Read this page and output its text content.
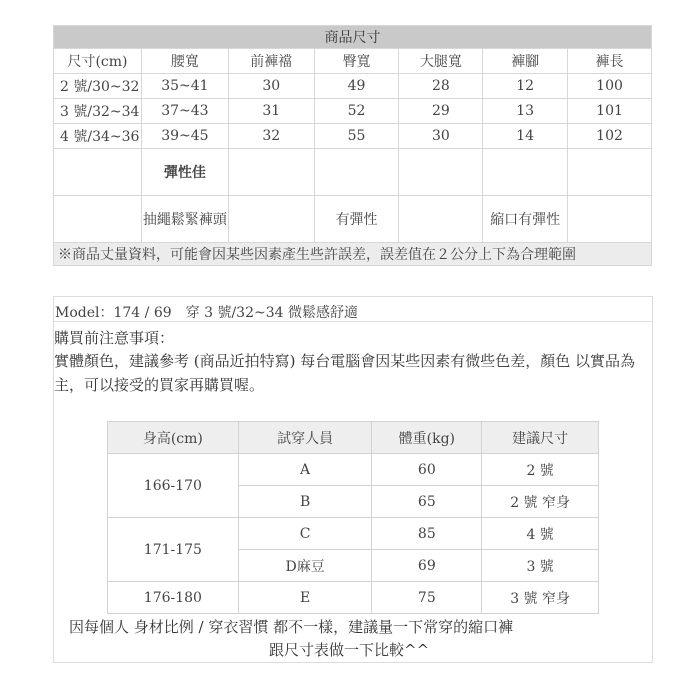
商品尺寸						
尺寸(cm)	腰寬	前褲襠	臀寬	大腿寬	褲腳	褲長
2 號/30~32	35~41	30	49	28	12	100
3 號/32~34	37~43	31	52	29	13	101
4 號/34~36	39~45	32	55	30	14	102
	彈性佳					
	抽繩鬆緊褲頭		有彈性		縮口有彈性	
※商品丈量資料，可能會因某些因素產生些許誤差，誤差值在２公分上下為合理範圍						
Model：174 / 69　穿 3 號/32~34 微鬆感舒適
購買前注意事項：
實體顏色，建議參考 (商品近拍特寫) 每台電腦會因某些因素有微些色差，顏色 以實品為主，可以接受的買家再購買喔。
身高(cm)	試穿人員	體重(kg)	建議尺寸
166-170	A	60	2 號
	B	65	2 號 窄身
171-175	C	85	4 號
	D麻豆	69	3 號
176-180	E	75	3 號 窄身
因每個人 身材比例 / 穿衣習慣 都不一樣，建議量一下常穿的縮口褲
跟尺寸表做一下比較^^
